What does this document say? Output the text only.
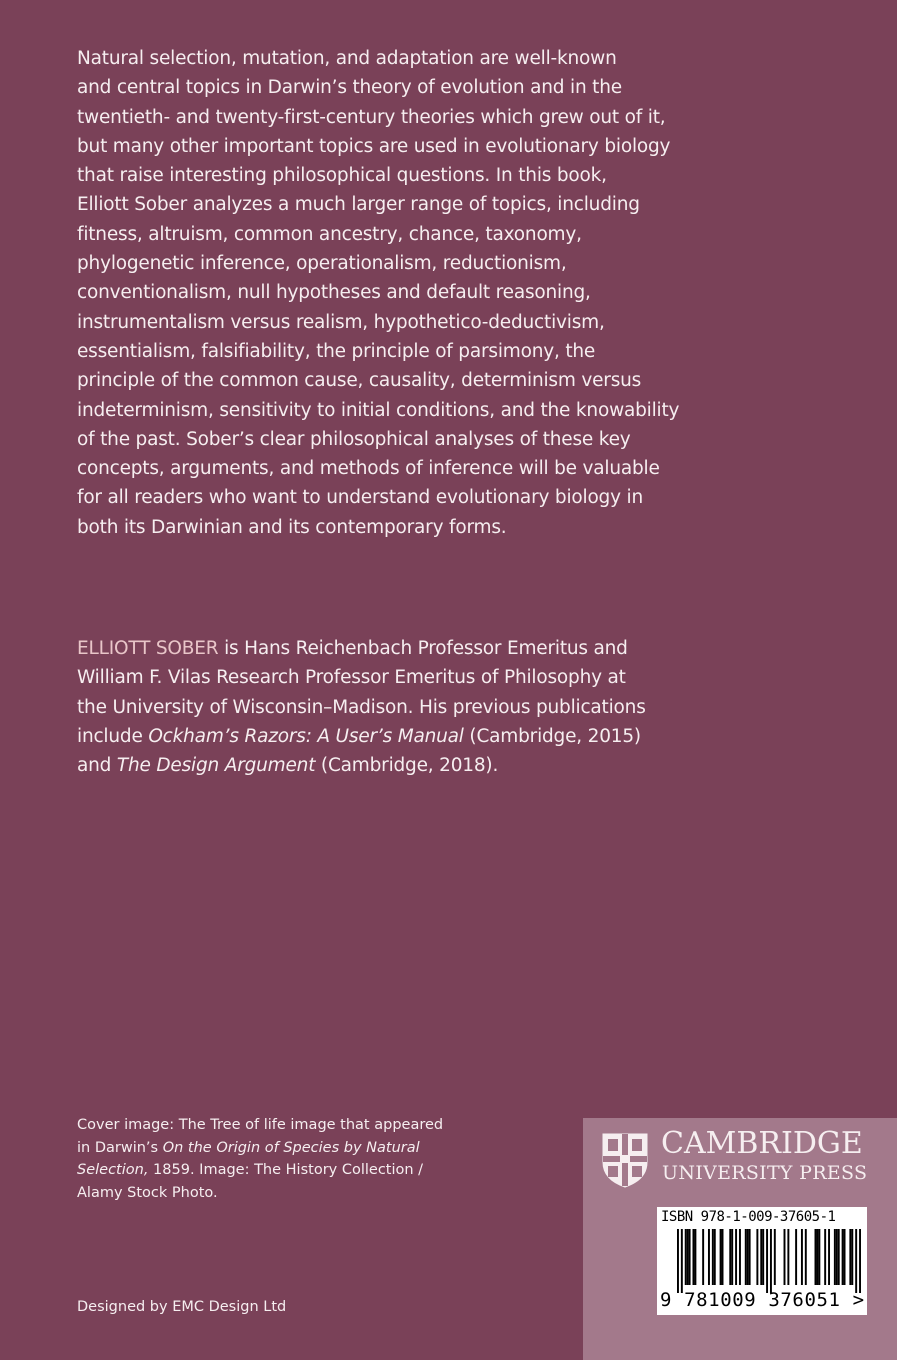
Natural selection, mutation, and adaptation are well-known
and central topics in Darwin’s theory of evolution and in the
twentieth- and twenty-first-century theories which grew out of it,
but many other important topics are used in evolutionary biology
that raise interesting philosophical questions. In this book,
Elliott Sober analyzes a much larger range of topics, including
fitness, altruism, common ancestry, chance, taxonomy,
phylogenetic inference, operationalism, reductionism,
conventionalism, null hypotheses and default reasoning,
instrumentalism versus realism, hypothetico-deductivism,
essentialism, falsifiability, the principle of parsimony, the
principle of the common cause, causality, determinism versus
indeterminism, sensitivity to initial conditions, and the knowability
of the past. Sober’s clear philosophical analyses of these key
concepts, arguments, and methods of inference will be valuable
for all readers who want to understand evolutionary biology in
both its Darwinian and its contemporary forms.
ELLIOTT SOBER is Hans Reichenbach Professor Emeritus and
William F. Vilas Research Professor Emeritus of Philosophy at
the University of Wisconsin–Madison. His previous publications
include Ockham’s Razors: A User’s Manual (Cambridge, 2015)
and The Design Argument (Cambridge, 2018).
Cover image: The Tree of life image that appeared
in Darwin’s On the Origin of Species by Natural
Selection, 1859. Image: The History Collection /
Alamy Stock Photo.
Designed by EMC Design Ltd
CAMBRIDGE
UNIVERSITY PRESS
ISBN 978-1-009-37605-1
9 781009 376051 >
